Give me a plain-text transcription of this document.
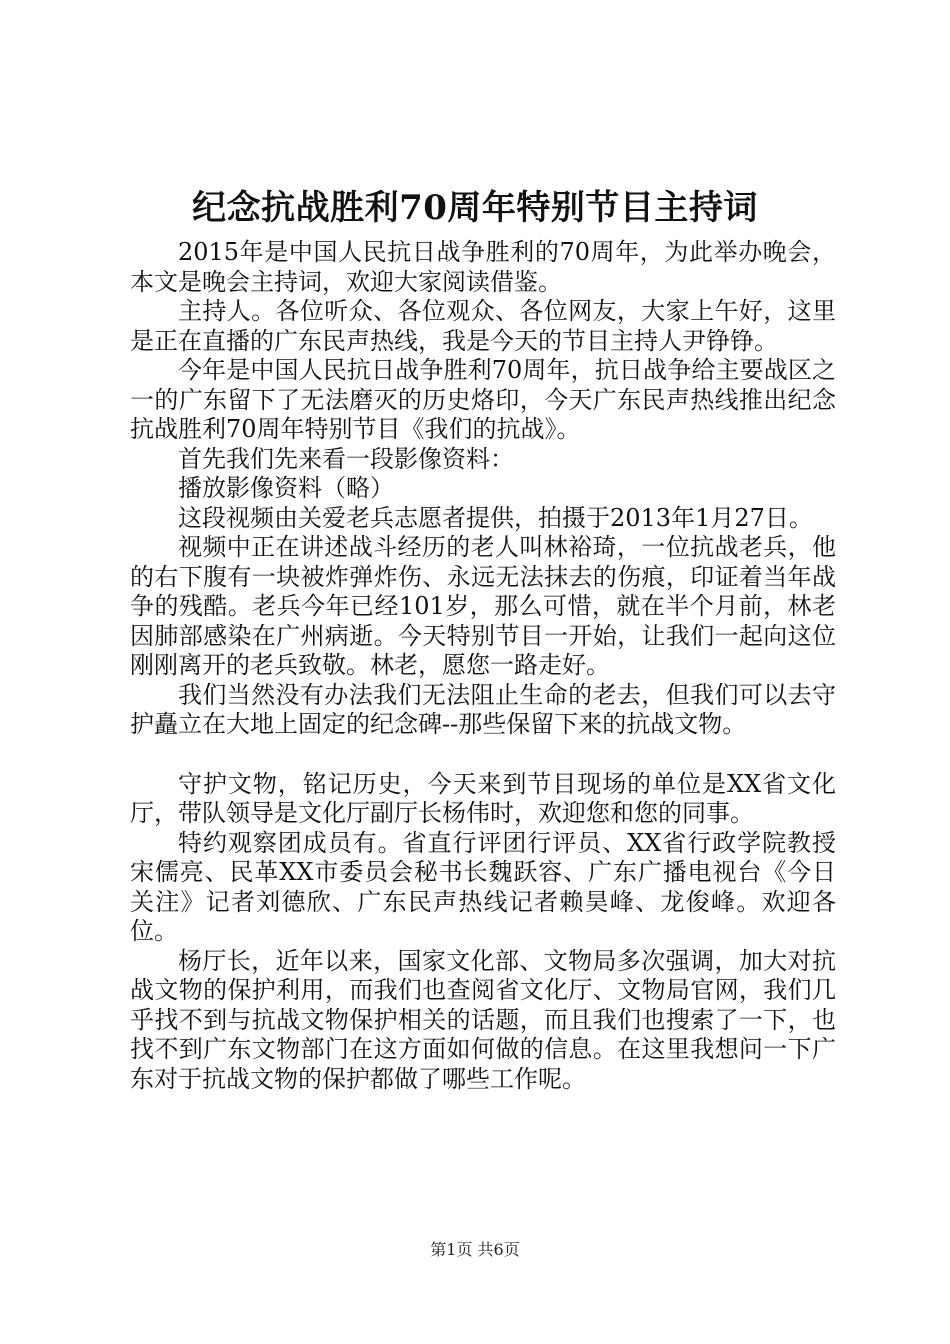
纪念抗战胜利70周年特别节目主持词

2015年是中国人民抗日战争胜利的70周年，为此举办晚会，本文是晚会主持词，欢迎大家阅读借鉴。

主持人。各位听众、各位观众、各位网友，大家上午好，这里是正在直播的广东民声热线，我是今天的节目主持人尹铮铮。

今年是中国人民抗日战争胜利70周年，抗日战争给主要战区之一的广东留下了无法磨灭的历史烙印，今天广东民声热线推出纪念抗战胜利70周年特别节目《我们的抗战》。

首先我们先来看一段影像资料：

播放影像资料（略）

这段视频由关爱老兵志愿者提供，拍摄于2013年1月27日。

视频中正在讲述战斗经历的老人叫林裕琦，一位抗战老兵，他的右下腹有一块被炸弹炸伤、永远无法抹去的伤痕，印证着当年战争的残酷。老兵今年已经101岁，那么可惜，就在半个月前，林老因肺部感染在广州病逝。今天特别节目一开始，让我们一起向这位刚刚离开的老兵致敬。林老，愿您一路走好。

我们当然没有办法我们无法阻止生命的老去，但我们可以去守护矗立在大地上固定的纪念碑--那些保留下来的抗战文物。

守护文物，铭记历史，今天来到节目现场的单位是XX省文化厅，带队领导是文化厅副厅长杨伟时，欢迎您和您的同事。

特约观察团成员有。省直行评团行评员、XX省行政学院教授宋儒亮、民革XX市委员会秘书长魏跃容、广东广播电视台《今日关注》记者刘德欣、广东民声热线记者赖昊峰、龙俊峰。欢迎各位。

杨厅长，近年以来，国家文化部、文物局多次强调，加大对抗战文物的保护利用，而我们也查阅省文化厅、文物局官网，我们几乎找不到与抗战文物保护相关的话题，而且我们也搜索了一下，也找不到广东文物部门在这方面如何做的信息。在这里我想问一下广东对于抗战文物的保护都做了哪些工作呢。

第1页 共6页
